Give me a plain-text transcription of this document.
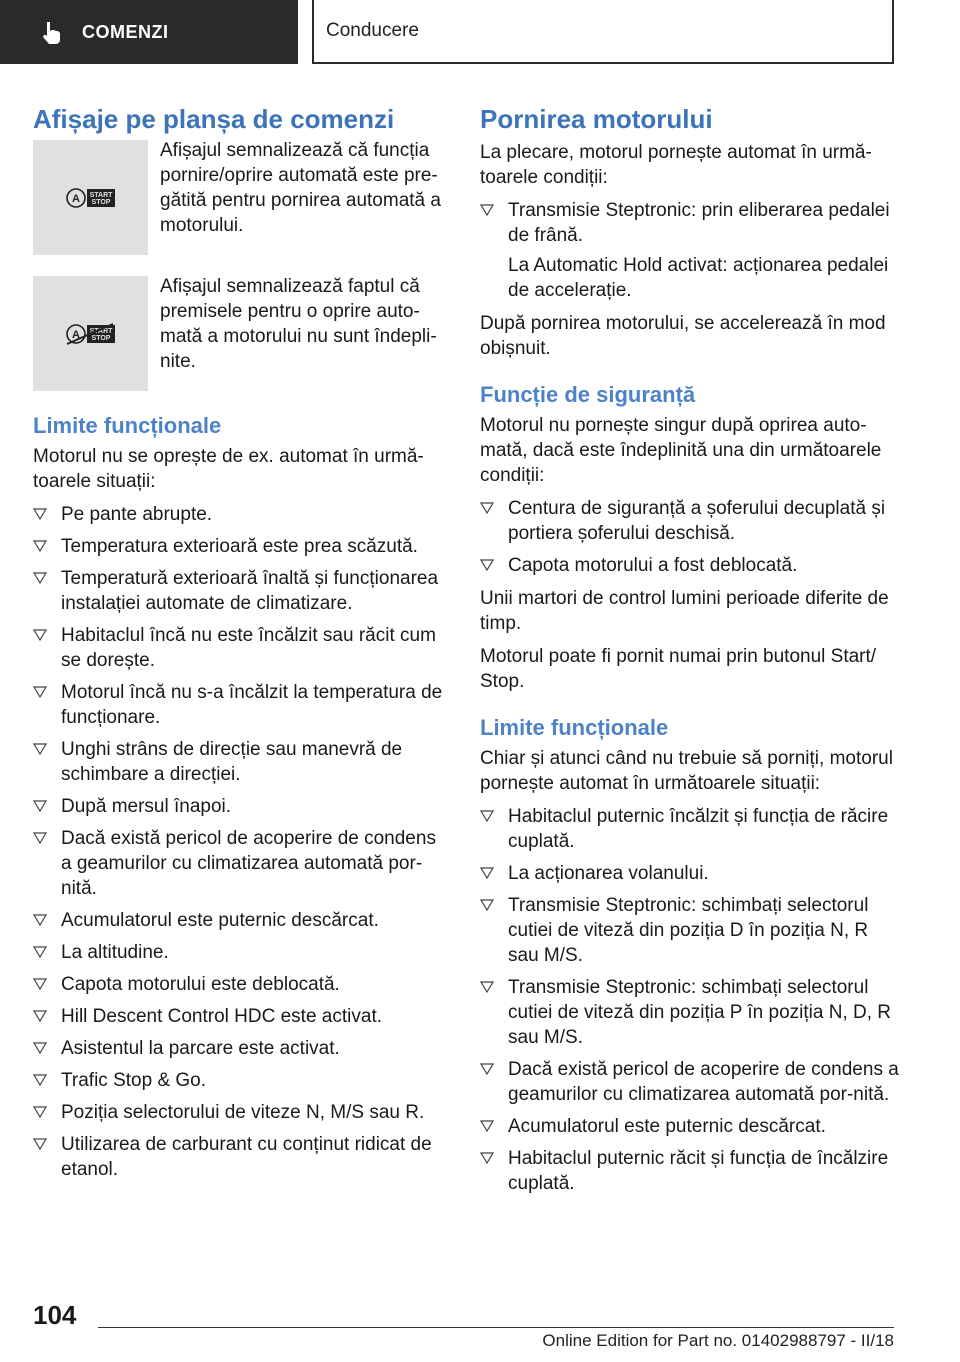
COMENZI	Conducere
Afișaje pe planșa de comenzi
A START
STOP
Afișajul semnalizează că funcția pornire/oprire automată este pre‐gătită pentru pornirea automată a motorului.
A START
STOP
Afișajul semnalizează faptul că premisele pentru o oprire auto‐mată a motorului nu sunt îndepli‐nite.
Limite funcționale

Motorul nu se oprește de ex. automat în urmă‐toarele situații:

Pe pante abrupte.
Temperatura exterioară este prea scăzută.
Temperatură exterioară înaltă și funcționarea instalației automate de climatizare.
Habitaclul încă nu este încălzit sau răcit cum se dorește.
Motorul încă nu s-a încălzit la temperatura de funcționare.
Unghi strâns de direcție sau manevră de schimbare a direcției.
După mersul înapoi.
Dacă există pericol de acoperire de condens a geamurilor cu climatizarea automată por‐nită.
Acumulatorul este puternic descărcat.
La altitudine.
Capota motorului este deblocată.
Hill Descent Control HDC este activat.
Asistentul la parcare este activat.
Trafic Stop & Go.
Poziția selectorului de viteze N, M/S sau R.
Utilizarea de carburant cu conținut ridicat de etanol.
Pornirea motorului

La plecare, motorul pornește automat în urmă‐toarele condiții:

Transmisie Steptronic: prin eliberarea pedalei de frână.

La Automatic Hold activat: acționarea pedalei de accelerație.

După pornirea motorului, se accelerează în mod obișnuit.

Funcție de siguranță

Motorul nu pornește singur după oprirea auto‐mată, dacă este îndeplinită una din următoarele condiții:

Centura de siguranță a șoferului decuplată și portiera șoferului deschisă.
Capota motorului a fost deblocată.

Unii martori de control lumini perioade diferite de timp.

Motorul poate fi pornit numai prin butonul Start/ Stop.

Limite funcționale

Chiar și atunci când nu trebuie să porniți, motorul pornește automat în următoarele situații:

Habitaclul puternic încălzit și funcția de răcire cuplată.
La acționarea volanului.
Transmisie Steptronic: schimbați selectorul cutiei de viteză din poziția D în poziția N, R sau M/S.
Transmisie Steptronic: schimbați selectorul cutiei de viteză din poziția P în poziția N, D, R sau M/S.
Dacă există pericol de acoperire de condens a geamurilor cu climatizarea automată por‐nită.
Acumulatorul este puternic descărcat.
Habitaclul puternic răcit și funcția de încălzire cuplată.
104
Online Edition for Part no. 01402988797 - II/18
